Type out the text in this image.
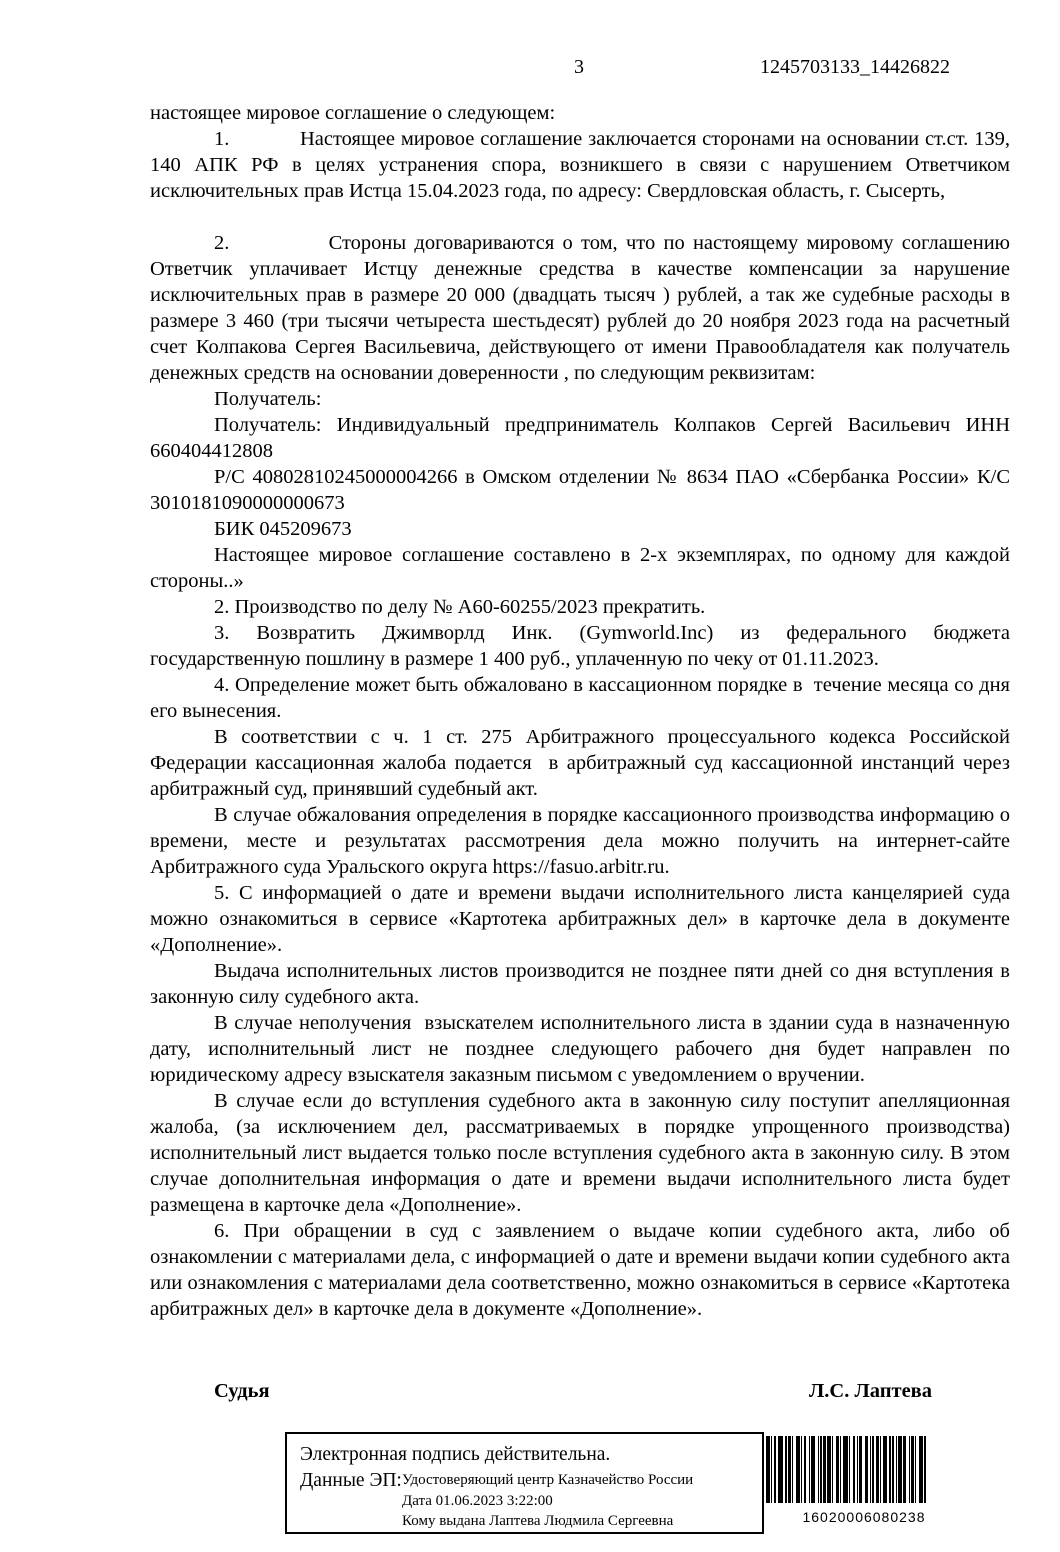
3	1245703133_14426822

настоящее мировое соглашение о следующем:

1.            Настоящее мировое соглашение заключается сторонами на основании ст.ст. 139, 140 АПК РФ в целях устранения спора, возникшего в связи с нарушением Ответчиком исключительных прав Истца 15.04.2023 года, по адресу: Свердловская область, г. Сысерть,

2.            Стороны договариваются о том, что по настоящему мировому соглашению Ответчик уплачивает Истцу денежные средства в качестве компенсации за нарушение исключительных прав в размере 20 000 (двадцать тысяч ) рублей, а так же судебные расходы в размере 3 460 (три тысячи четыреста шестьдесят) рублей до 20 ноября 2023 года на расчетный счет Колпакова Сергея Васильевича, действующего от имени Правообладателя как получатель денежных средств на основании доверенности , по следующим реквизитам:

Получатель:

Получатель: Индивидуальный предприниматель Колпаков Сергей Васильевич ИНН 660404412808

Р/С 40802810245000004266 в Омском отделении № 8634 ПАО «Сбербанка России» К/С 3010181090000000673

БИК 045209673

Настоящее мировое соглашение составлено в 2-х экземплярах, по одному для каждой стороны..»

2. Производство по делу № А60-60255/2023 прекратить.

3. Возвратить Джимворлд Инк. (Gymworld.Inc) из федерального бюджета государственную пошлину в размере 1 400 руб., уплаченную по чеку от 01.11.2023.

4. Определение может быть обжаловано в кассационном порядке в  течение месяца со дня его вынесения.

В соответствии с ч. 1 ст. 275 Арбитражного процессуального кодекса Российской Федерации кассационная жалоба подается  в арбитражный суд кассационной инстанций через арбитражный суд, принявший судебный акт.

В случае обжалования определения в порядке кассационного производства информацию о времени, месте и результатах рассмотрения дела можно получить на интернет-сайте Арбитражного суда Уральского округа https://fasuo.arbitr.ru.

5. С информацией о дате и времени выдачи исполнительного листа канцелярией суда можно ознакомиться в сервисе «Картотека арбитражных дел» в карточке дела в документе «Дополнение».

Выдача исполнительных листов производится не позднее пяти дней со дня вступления в законную силу судебного акта.

В случае неполучения  взыскателем исполнительного листа в здании суда в назначенную дату, исполнительный лист не позднее следующего рабочего дня будет направлен по юридическому адресу взыскателя заказным письмом с уведомлением о вручении.

В случае если до вступления судебного акта в законную силу поступит апелляционная жалоба, (за исключением дел, рассматриваемых в порядке упрощенного производства) исполнительный лист выдается только после вступления судебного акта в законную силу. В этом случае дополнительная информация о дате и времени выдачи исполнительного листа будет размещена в карточке дела «Дополнение».

6. При обращении в суд с заявлением о выдаче копии судебного акта, либо об ознакомлении с материалами дела, с информацией о дате и времени выдачи копии судебного акта или ознакомления с материалами дела соответственно, можно ознакомиться в сервисе «Картотека арбитражных дел» в карточке дела в документе «Дополнение».

Судья	Л.С. Лаптева
Электронная подпись действительна.
Данные ЭП: Удостоверяющий центр Казначейство России
Дата 01.06.2023 3:22:00
Кому выдана Лаптева Людмила Сергеевна	16020006080238
